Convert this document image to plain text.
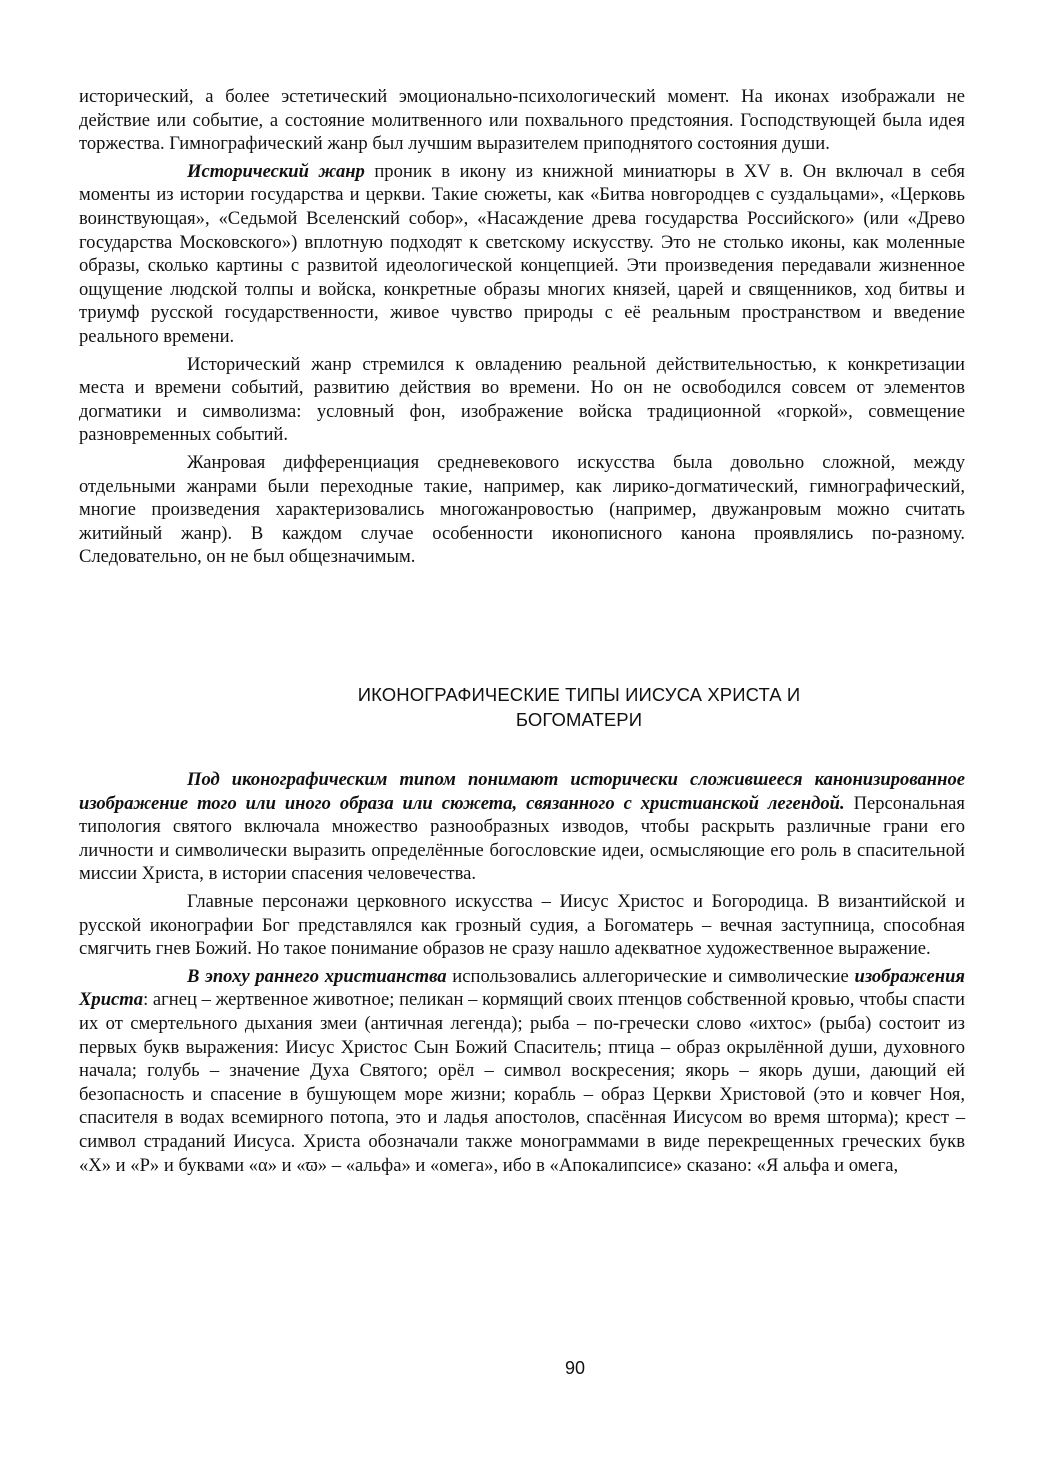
исторический, а более эстетический эмоционально-психологический момент. На иконах изображали не действие или событие, а состояние молитвенного или похвального предстояния. Господствующей была идея торжества. Гимнографический жанр был лучшим выразителем приподнятого состояния души.

Исторический жанр проник в икону из книжной миниатюры в XV в. Он включал в себя моменты из истории государства и церкви. Такие сюжеты, как «Битва новгородцев с суздальцами», «Церковь воинствующая», «Седьмой Вселенский собор», «Насаждение древа государства Российского» (или «Древо государства Московского») вплотную подходят к светскому искусству. Это не столько иконы, как моленные образы, сколько картины с развитой идеологической концепцией. Эти произведения передавали жизненное ощущение людской толпы и войска, конкретные образы многих князей, царей и священников, ход битвы и триумф русской государственности, живое чувство природы с её реальным пространством и введение реального времени.

Исторический жанр стремился к овладению реальной действительностью, к конкретизации места и времени событий, развитию действия во времени. Но он не освободился совсем от элементов догматики и символизма: условный фон, изображение войска традиционной «горкой», совмещение разновременных событий.

Жанровая дифференциация средневекового искусства была довольно сложной, между отдельными жанрами были переходные такие, например, как лирико-догматический, гимнографический, многие произведения характеризовались многожанровостью (например, двужанровым можно считать житийный жанр). В каждом случае особенности иконописного канона проявлялись по-разному. Следовательно, он не был общезначимым.

ИКОНОГРАФИЧЕСКИЕ ТИПЫ ИИСУСА ХРИСТА И
БОГОМАТЕРИ

Под иконографическим типом понимают исторически сложившееся канонизированное изображение того или иного образа или сюжета, связанного с христианской легендой. Персональная типология святого включала множество разнообразных изводов, чтобы раскрыть различные грани его личности и символически выразить определённые богословские идеи, осмысляющие его роль в спасительной миссии Христа, в истории спасения человечества.

Главные персонажи церковного искусства – Иисус Христос и Богородица. В византийской и русской иконографии Бог представлялся как грозный судия, а Богоматерь – вечная заступница, способная смягчить гнев Божий. Но такое понимание образов не сразу нашло адекватное художественное выражение.

В эпоху раннего христианства использовались аллегорические и символические изображения Христа: агнец – жертвенное животное; пеликан – кормящий своих птенцов собственной кровью, чтобы спасти их от смертельного дыхания змеи (античная легенда); рыба – по-гречески слово «ихтос» (рыба) состоит из первых букв выражения: Иисус Христос Сын Божий Спаситель; птица – образ окрылённой души, духовного начала; голубь – значение Духа Святого; орёл – символ воскресения; якорь – якорь души, дающий ей безопасность и спасение в бушующем море жизни; корабль – образ Церкви Христовой (это и ковчег Ноя, спасителя в водах всемирного потопа, это и ладья апостолов, спасённая Иисусом во время шторма); крест – символ страданий Иисуса. Христа обозначали также монограммами в виде перекрещенных греческих букв «Χ» и «Ρ» и буквами «α» и «ϖ» – «альфа» и «омега», ибо в «Апокалипсисе» сказано: «Я альфа и омега,

90
